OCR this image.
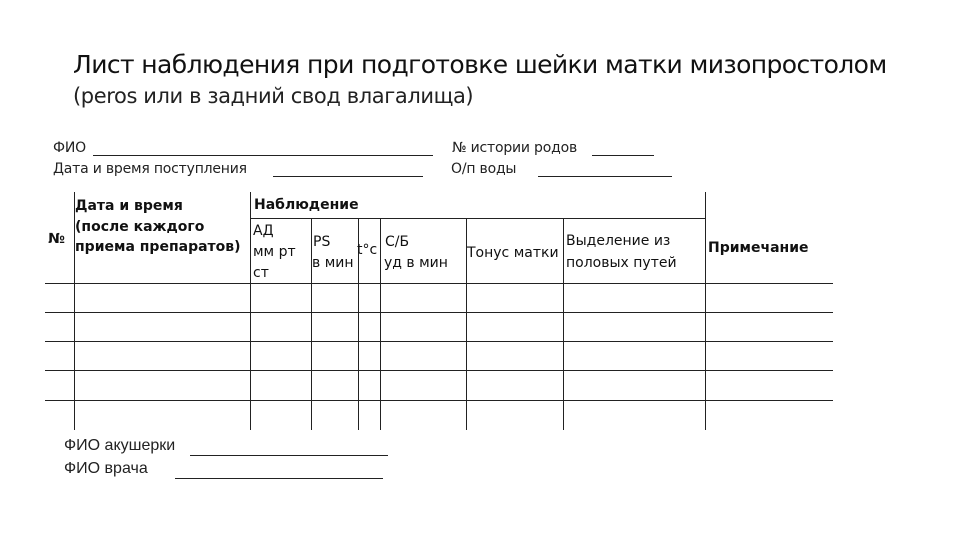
Лист наблюдения при подготовке шейки матки мизопростолом
(peros или в задний свод влагалища)
ФИО	№ истории родов
Дата и время поступления	О/п воды
№
Дата и время
(после каждого
приема препаратов)
Наблюдение
АД
мм рт
ст
PS
в мин
t°c С/Б
уд в мин
Тонус матки
Выделение из
половых путей
Примечание
ФИО акушерки
ФИО врача
